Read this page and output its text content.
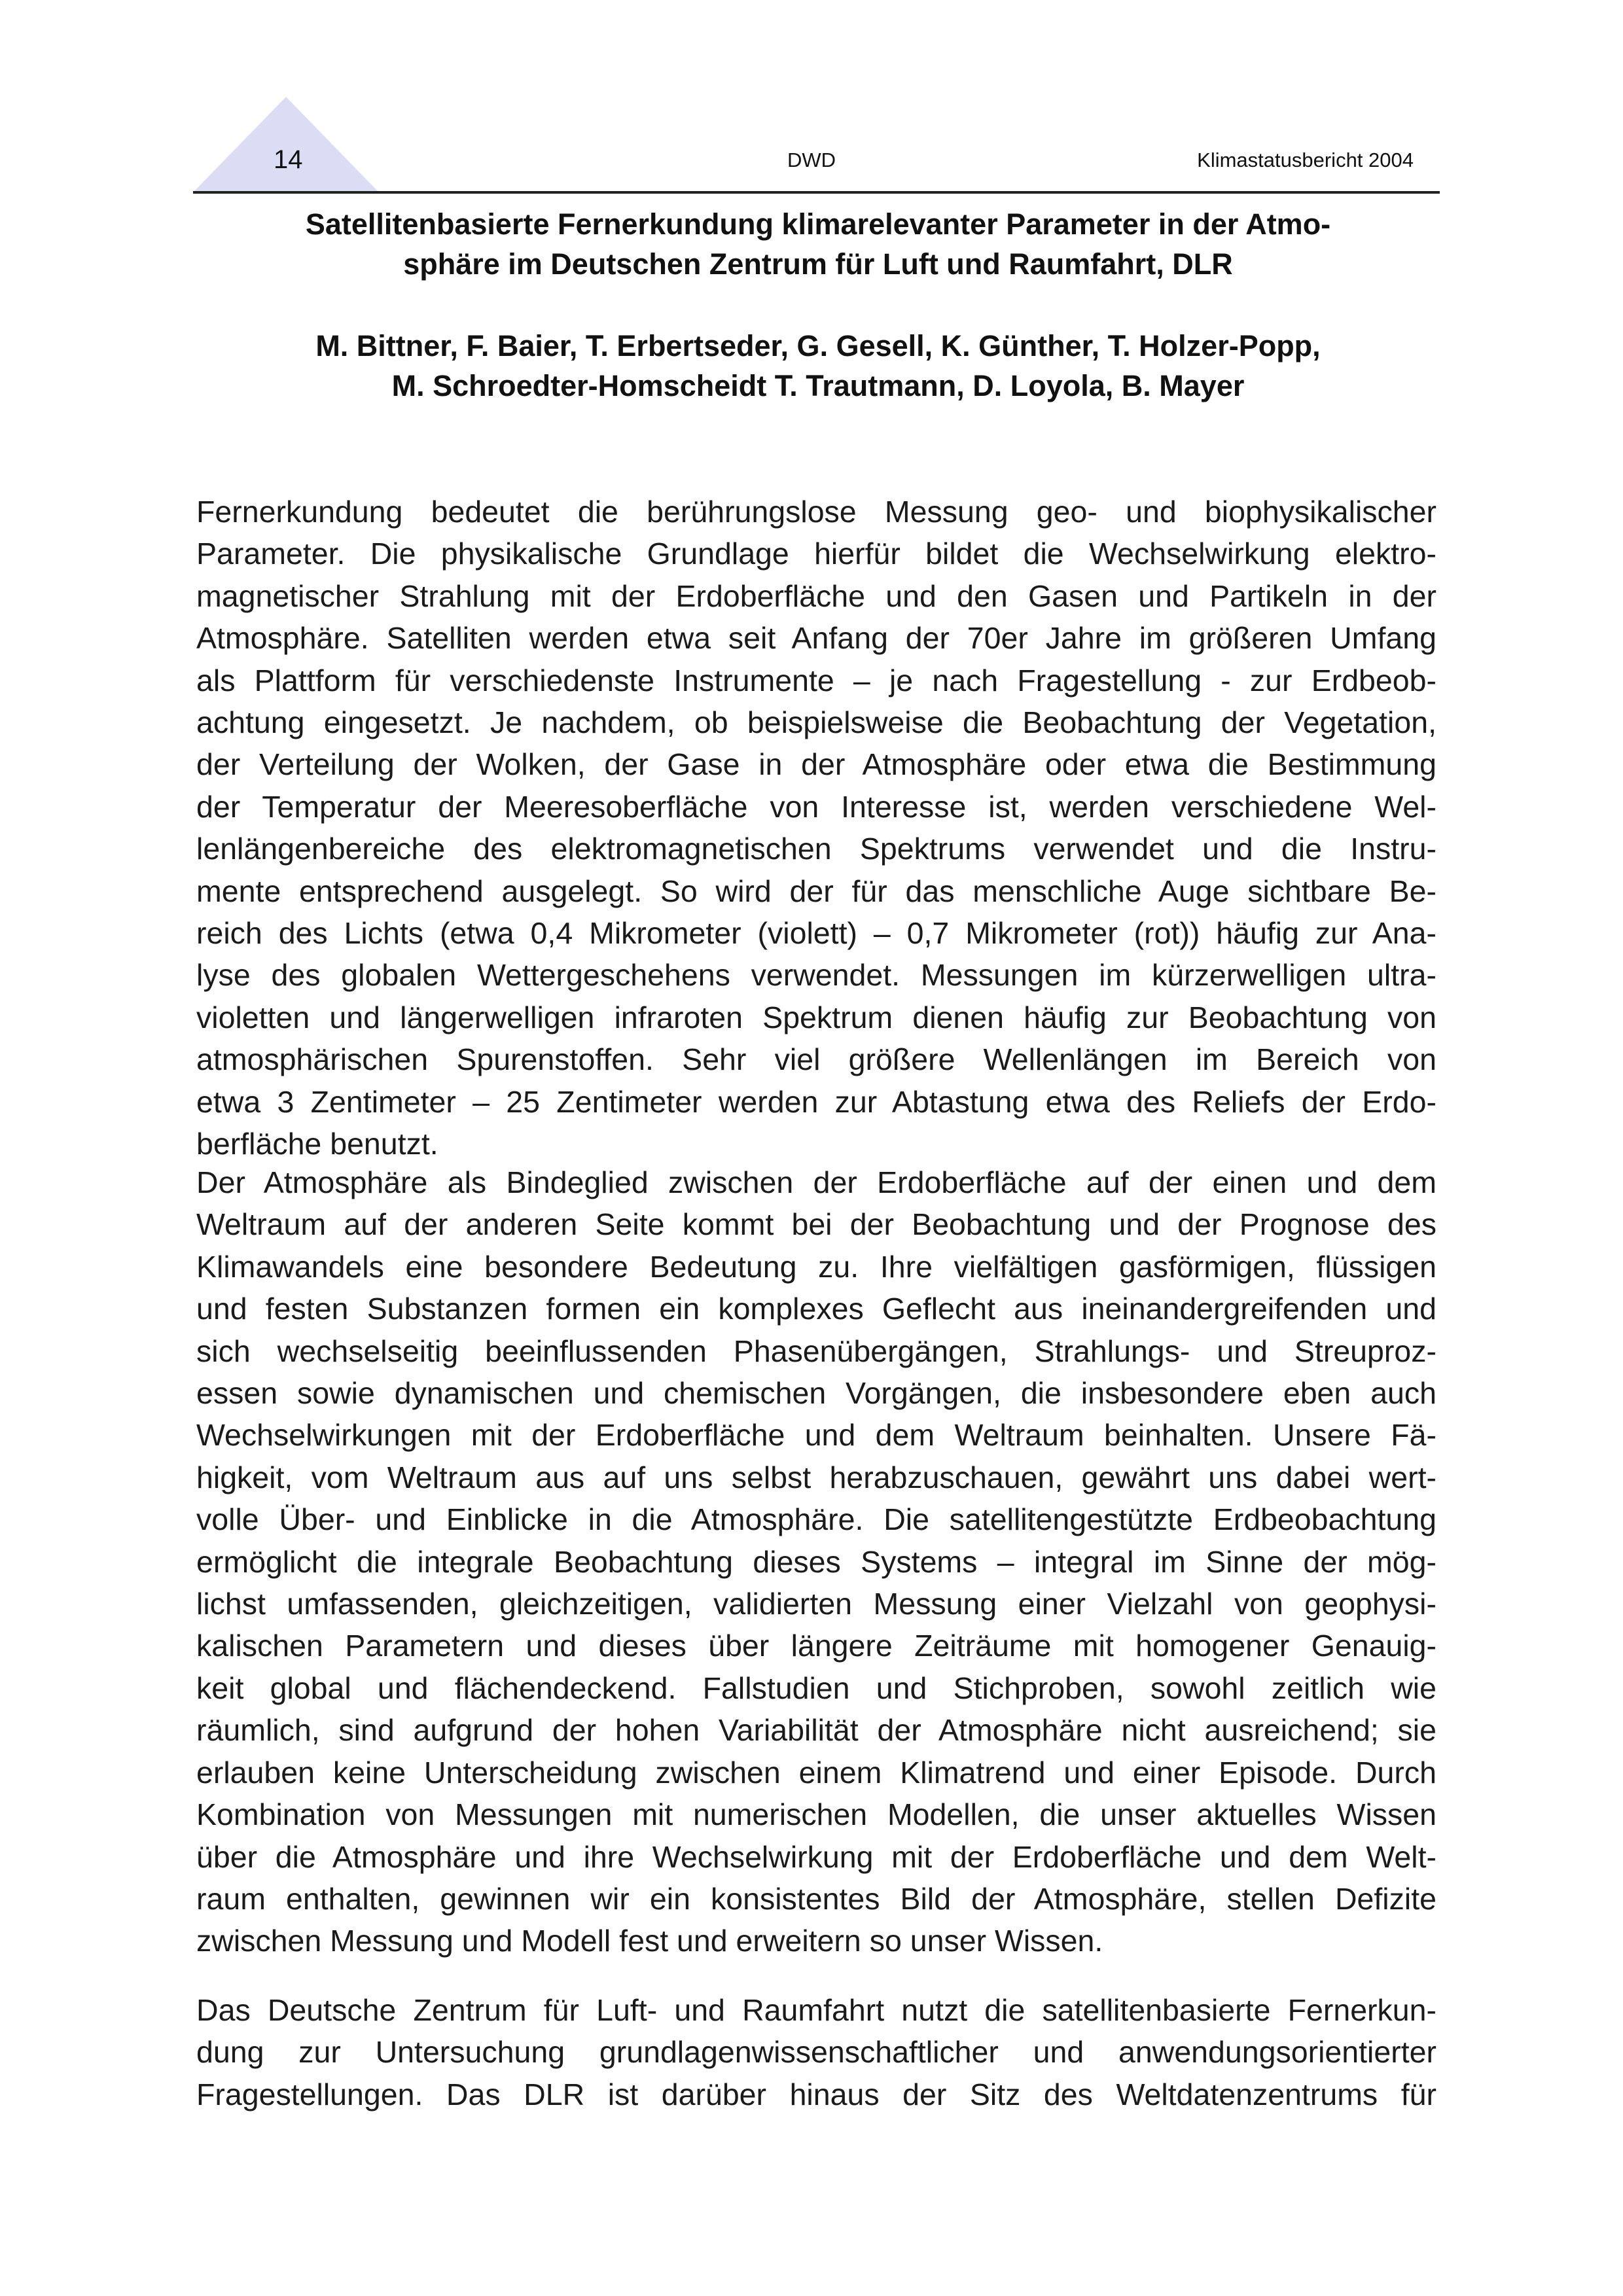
14	DWD	Klimastatusbericht 2004
Satellitenbasierte Fernerkundung klimarelevanter Parameter in der Atmo-
sphäre im Deutschen Zentrum für Luft und Raumfahrt, DLR
M. Bittner, F. Baier, T. Erbertseder, G. Gesell, K. Günther, T. Holzer-Popp,
M. Schroedter-Homscheidt T. Trautmann, D. Loyola, B. Mayer
Fernerkundung bedeutet die berührungslose Messung geo- und biophysikalischer
Parameter. Die physikalische Grundlage hierfür bildet die Wechselwirkung elektro-
magnetischer Strahlung mit der Erdoberfläche und den Gasen und Partikeln in der
Atmosphäre. Satelliten werden etwa seit Anfang der 70er Jahre im größeren Umfang
als Plattform für verschiedenste Instrumente – je nach Fragestellung - zur Erdbeob-
achtung eingesetzt. Je nachdem, ob beispielsweise die Beobachtung der Vegetation,
der Verteilung der Wolken, der Gase in der Atmosphäre oder etwa die Bestimmung
der Temperatur der Meeresoberfläche von Interesse ist, werden verschiedene Wel-
lenlängenbereiche des elektromagnetischen Spektrums verwendet und die Instru-
mente entsprechend ausgelegt. So wird der für das menschliche Auge sichtbare Be-
reich des Lichts (etwa 0,4 Mikrometer (violett) – 0,7 Mikrometer (rot)) häufig zur Ana-
lyse des globalen Wettergeschehens verwendet. Messungen im kürzerwelligen ultra-
violetten und längerwelligen infraroten Spektrum dienen häufig zur Beobachtung von
atmosphärischen Spurenstoffen. Sehr viel größere Wellenlängen im Bereich von
etwa 3 Zentimeter – 25 Zentimeter werden zur Abtastung etwa des Reliefs der Erdo-
berfläche benutzt.
Der Atmosphäre als Bindeglied zwischen der Erdoberfläche auf der einen und dem
Weltraum auf der anderen Seite kommt bei der Beobachtung und der Prognose des
Klimawandels eine besondere Bedeutung zu. Ihre vielfältigen gasförmigen, flüssigen
und festen Substanzen formen ein komplexes Geflecht aus ineinandergreifenden und
sich wechselseitig beeinflussenden Phasenübergängen, Strahlungs- und Streuproz-
essen sowie dynamischen und chemischen Vorgängen, die insbesondere eben auch
Wechselwirkungen mit der Erdoberfläche und dem Weltraum beinhalten. Unsere Fä-
higkeit, vom Weltraum aus auf uns selbst herabzuschauen, gewährt uns dabei wert-
volle Über- und Einblicke in die Atmosphäre. Die satellitengestützte Erdbeobachtung
ermöglicht die integrale Beobachtung dieses Systems – integral im Sinne der mög-
lichst umfassenden, gleichzeitigen, validierten Messung einer Vielzahl von geophysi-
kalischen Parametern und dieses über längere Zeiträume mit homogener Genauig-
keit global und flächendeckend. Fallstudien und Stichproben, sowohl zeitlich wie
räumlich, sind aufgrund der hohen Variabilität der Atmosphäre nicht ausreichend; sie
erlauben keine Unterscheidung zwischen einem Klimatrend und einer Episode. Durch
Kombination von Messungen mit numerischen Modellen, die unser aktuelles Wissen
über die Atmosphäre und ihre Wechselwirkung mit der Erdoberfläche und dem Welt-
raum enthalten, gewinnen wir ein konsistentes Bild der Atmosphäre, stellen Defizite
zwischen Messung und Modell fest und erweitern so unser Wissen.
Das Deutsche Zentrum für Luft- und Raumfahrt nutzt die satellitenbasierte Fernerkun-
dung zur Untersuchung grundlagenwissenschaftlicher und anwendungsorientierter
Fragestellungen. Das DLR ist darüber hinaus der Sitz des Weltdatenzentrums für
